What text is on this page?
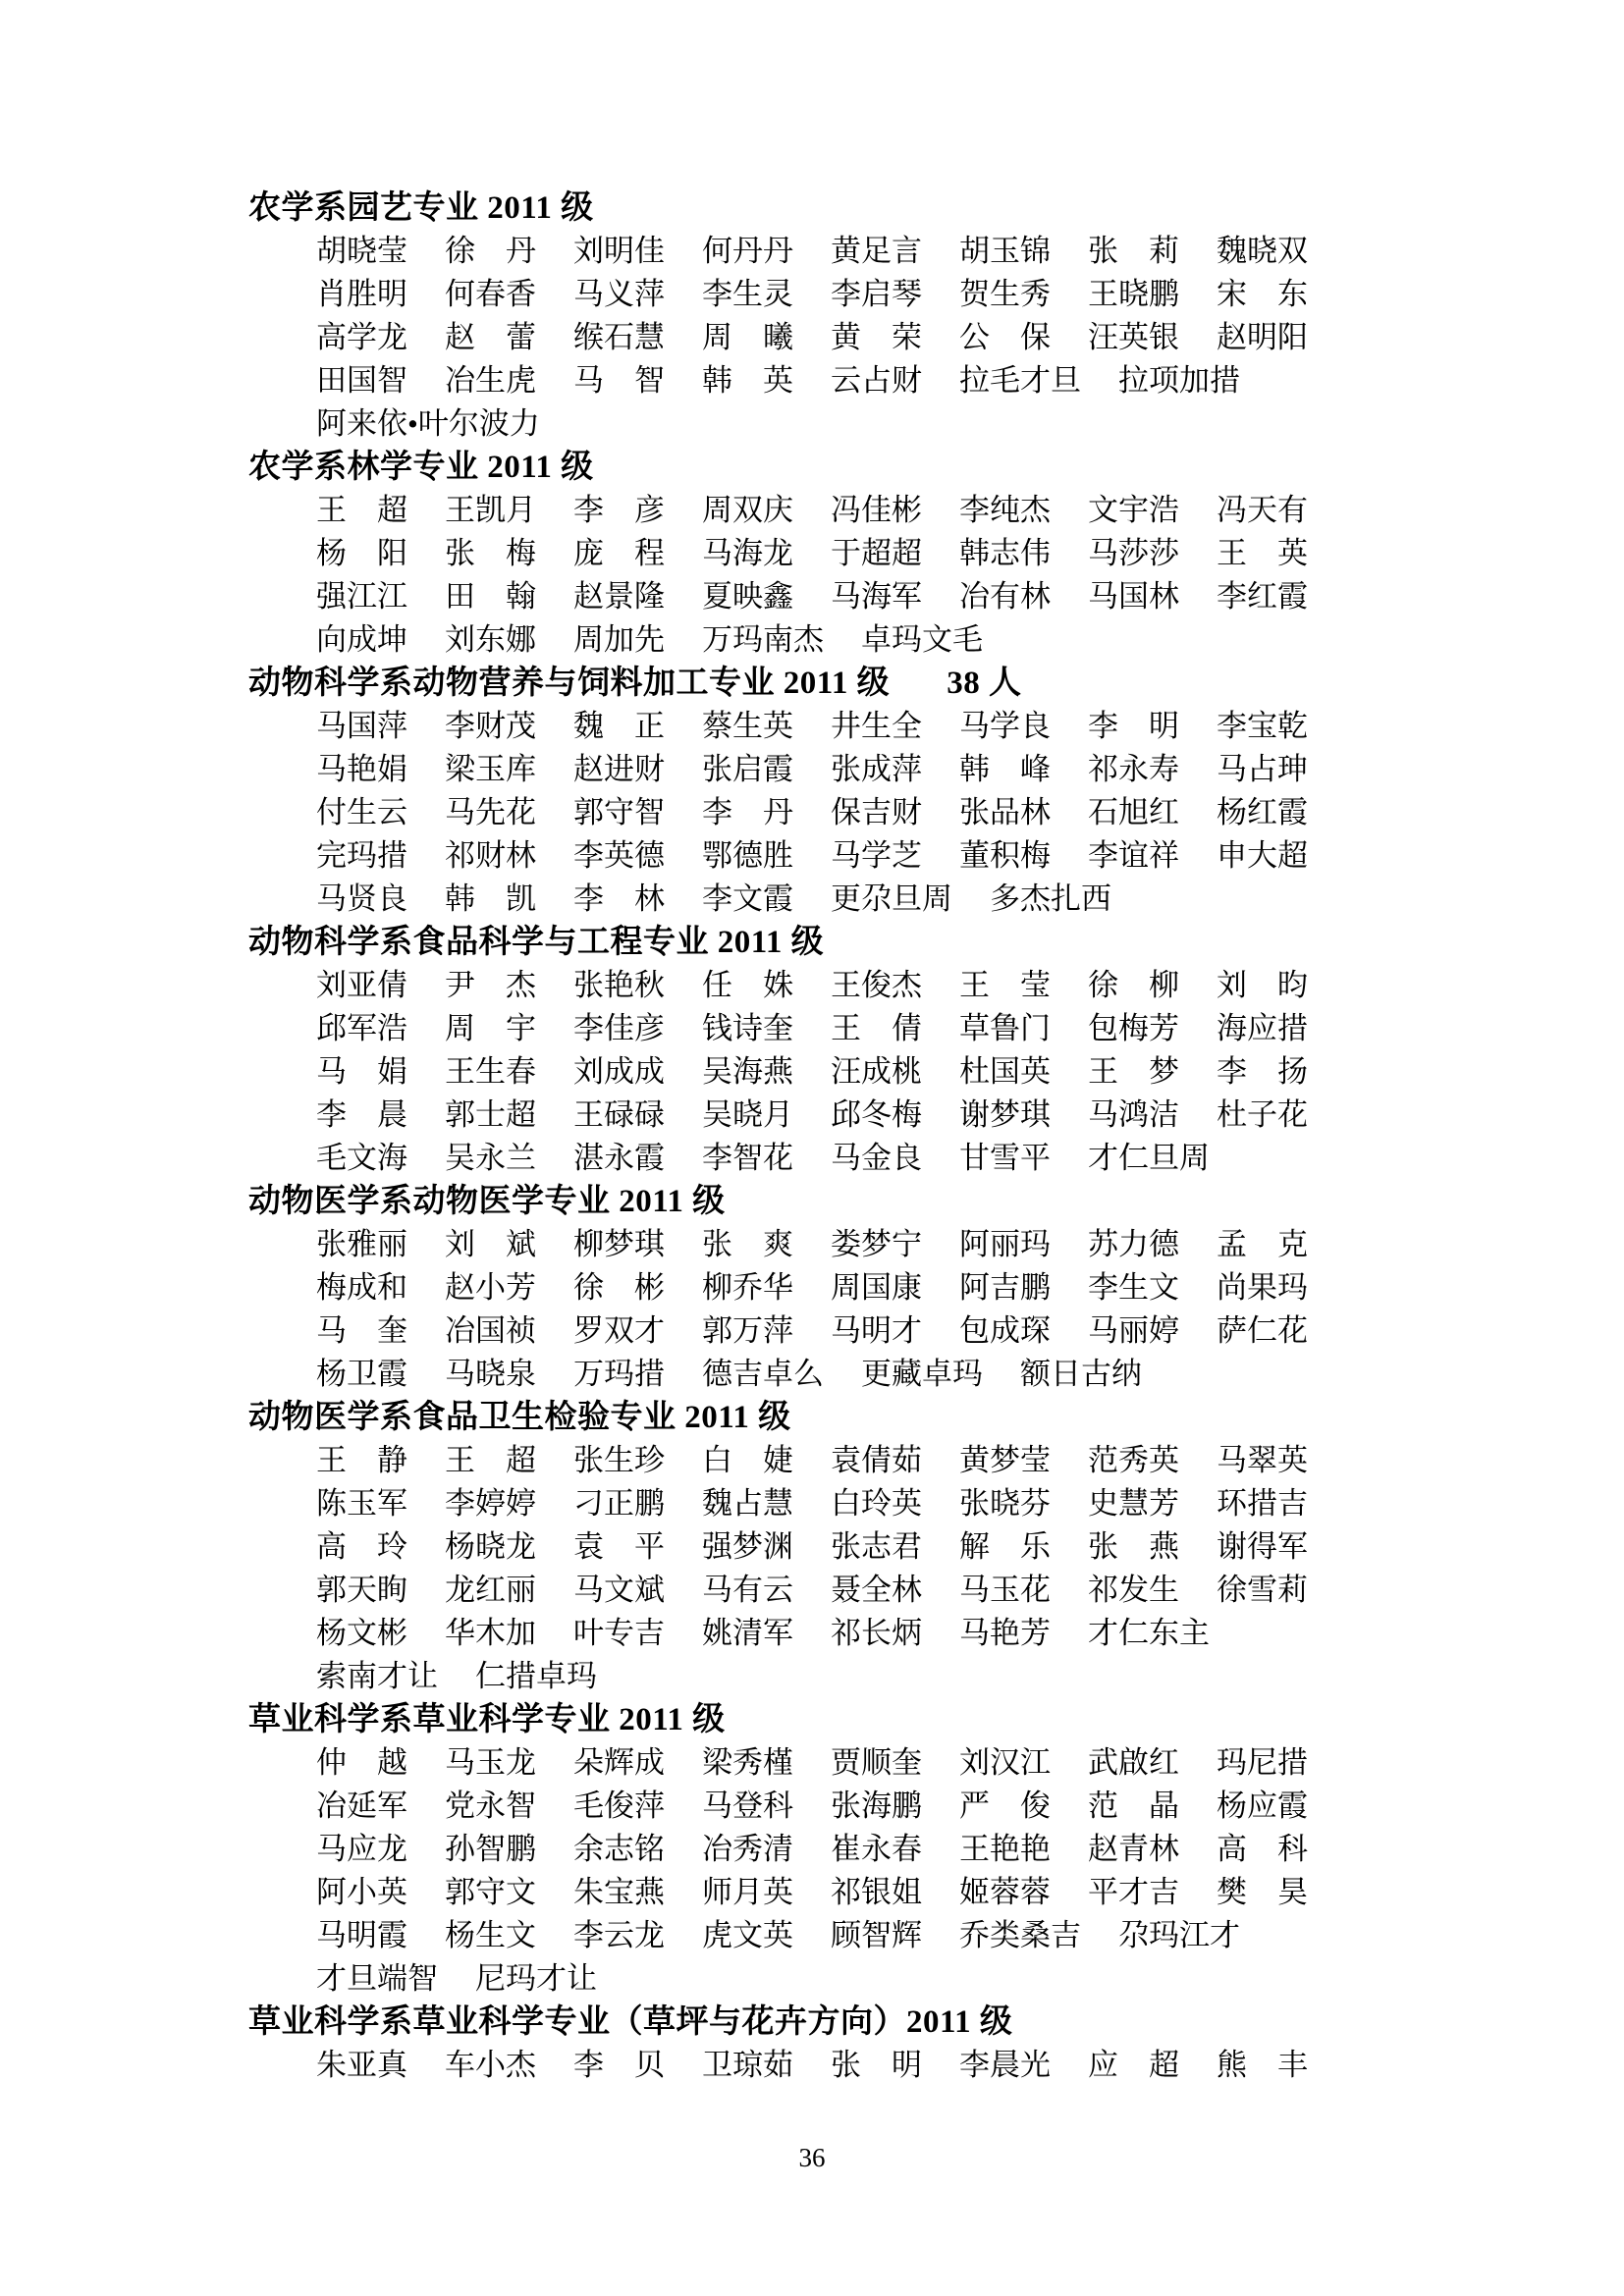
农学系园艺专业 2011 级
胡晓莹 徐　丹 刘明佳 何丹丹 黄足言 胡玉锦 张　莉 魏晓双
肖胜明 何春香 马义萍 李生灵 李启琴 贺生秀 王晓鹏 宋　东
高学龙 赵　蕾 缑石慧 周　曦 黄　荣 公　保 汪英银 赵明阳
田国智 冶生虎 马　智 韩　英 云占财 拉毛才旦 拉项加措
阿来依•叶尔波力
农学系林学专业 2011 级
王　超 王凯月 李　彦 周双庆 冯佳彬 李纯杰 文宇浩 冯天有
杨　阳 张　梅 庞　程 马海龙 于超超 韩志伟 马莎莎 王　英
强江江 田　翰 赵景隆 夏映鑫 马海军 冶有林 马国林 李红霞
向成坤 刘东娜 周加先 万玛南杰 卓玛文毛
动物科学系动物营养与饲料加工专业 2011 级 38 人
马国萍 李财茂 魏　正 蔡生英 井生全 马学良 李　明 李宝乾
马艳娟 梁玉库 赵进财 张启霞 张成萍 韩　峰 祁永寿 马占珅
付生云 马先花 郭守智 李　丹 保吉财 张品林 石旭红 杨红霞
完玛措 祁财林 李英德 鄂德胜 马学芝 董积梅 李谊祥 申大超
马贤良 韩　凯 李　林 李文霞 更尕旦周 多杰扎西
动物科学系食品科学与工程专业 2011 级
刘亚倩 尹　杰 张艳秋 任　姝 王俊杰 王　莹 徐　柳 刘　昀
邱军浩 周　宇 李佳彦 钱诗奎 王　倩 草鲁门 包梅芳 海应措
马　娟 王生春 刘成成 吴海燕 汪成桃 杜国英 王　梦 李　扬
李　晨 郭士超 王碌碌 吴晓月 邱冬梅 谢梦琪 马鸿洁 杜子花
毛文海 吴永兰 湛永霞 李智花 马金良 甘雪平 才仁旦周
动物医学系动物医学专业 2011 级
张雅丽 刘　斌 柳梦琪 张　爽 娄梦宁 阿丽玛 苏力德 孟　克
梅成和 赵小芳 徐　彬 柳乔华 周国康 阿吉鹏 李生文 尚果玛
马　奎 冶国祯 罗双才 郭万萍 马明才 包成琛 马丽婷 萨仁花
杨卫霞 马晓泉 万玛措 德吉卓么 更藏卓玛 额日古纳
动物医学系食品卫生检验专业 2011 级
王　静 王　超 张生珍 白　婕 袁倩茹 黄梦莹 范秀英 马翠英
陈玉军 李婷婷 刁正鹏 魏占慧 白玲英 张晓芬 史慧芳 环措吉
高　玲 杨晓龙 袁　平 强梦渊 张志君 解　乐 张　燕 谢得军
郭天眴 龙红丽 马文斌 马有云 聂全林 马玉花 祁发生 徐雪莉
杨文彬 华木加 叶专吉 姚清军 祁长炳 马艳芳 才仁东主
索南才让 仁措卓玛
草业科学系草业科学专业 2011 级
仲　越 马玉龙 朵辉成 梁秀槿 贾顺奎 刘汉江 武啟红 玛尼措
冶延军 党永智 毛俊萍 马登科 张海鹏 严　俊 范　晶 杨应霞
马应龙 孙智鹏 余志铭 冶秀清 崔永春 王艳艳 赵青林 高　科
阿小英 郭守文 朱宝燕 师月英 祁银姐 姬蓉蓉 平才吉 樊　昊
马明霞 杨生文 李云龙 虎文英 顾智辉 乔类桑吉 尕玛江才
才旦端智 尼玛才让
草业科学系草业科学专业（草坪与花卉方向）2011 级
朱亚真 车小杰 李　贝 卫琼茹 张　明 李晨光 应　超 熊　丰
36
